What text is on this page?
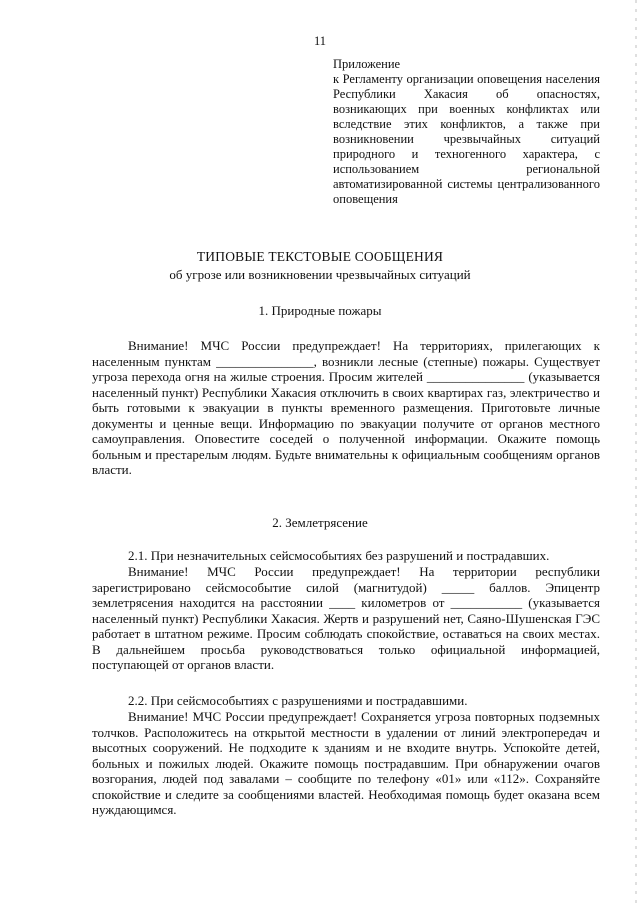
11
Приложение
к Регламенту организации оповещения населения Республики Хакасия об опасностях, возникающих при военных конфликтах или вследствие этих конфликтов, а также при возникновении чрезвычайных ситуаций природного и техногенного характера, с использованием региональной автоматизированной системы централизованного оповещения
ТИПОВЫЕ ТЕКСТОВЫЕ СООБЩЕНИЯ
об угрозе или возникновении чрезвычайных ситуаций
1. Природные пожары

Внимание! МЧС России предупреждает! На территориях, прилегающих к населенным пунктам _______________, возникли лесные (степные) пожары. Существует угроза перехода огня на жилые строения. Просим жителей _______________ (указывается населенный пункт) Республики Хакасия отключить в своих квартирах газ, электричество и быть готовыми к эвакуации в пункты временного размещения. Приготовьте личные документы и ценные вещи. Информацию по эвакуации получите от органов местного самоуправления. Оповестите соседей о полученной информации. Окажите помощь больным и престарелым людям. Будьте внимательны к официальным сообщениям органов власти.

2. Землетрясение
2.1. При незначительных сейсмособытиях без разрушений и пострадавших.

Внимание! МЧС России предупреждает! На территории республики зарегистрировано сейсмособытие силой (магнитудой) _____ баллов. Эпицентр землетрясения находится на расстоянии ____ километров от ___________ (указывается населенный пункт) Республики Хакасия. Жертв и разрушений нет, Саяно-Шушенская ГЭС работает в штатном режиме. Просим соблюдать спокойствие, оставаться на своих местах. В дальнейшем просьба руководствоваться только официальной информацией, поступающей от органов власти.

2.2. При сейсмособытиях с разрушениями и пострадавшими.

Внимание! МЧС России предупреждает! Сохраняется угроза повторных подземных толчков. Расположитесь на открытой местности в удалении от линий электропередач и высотных сооружений. Не подходите к зданиям и не входите внутрь. Успокойте детей, больных и пожилых людей. Окажите помощь пострадавшим. При обнаружении очагов возгорания, людей под завалами – сообщите по телефону «01» или «112». Сохраняйте спокойствие и следите за сообщениями властей. Необходимая помощь будет оказана всем нуждающимся.
